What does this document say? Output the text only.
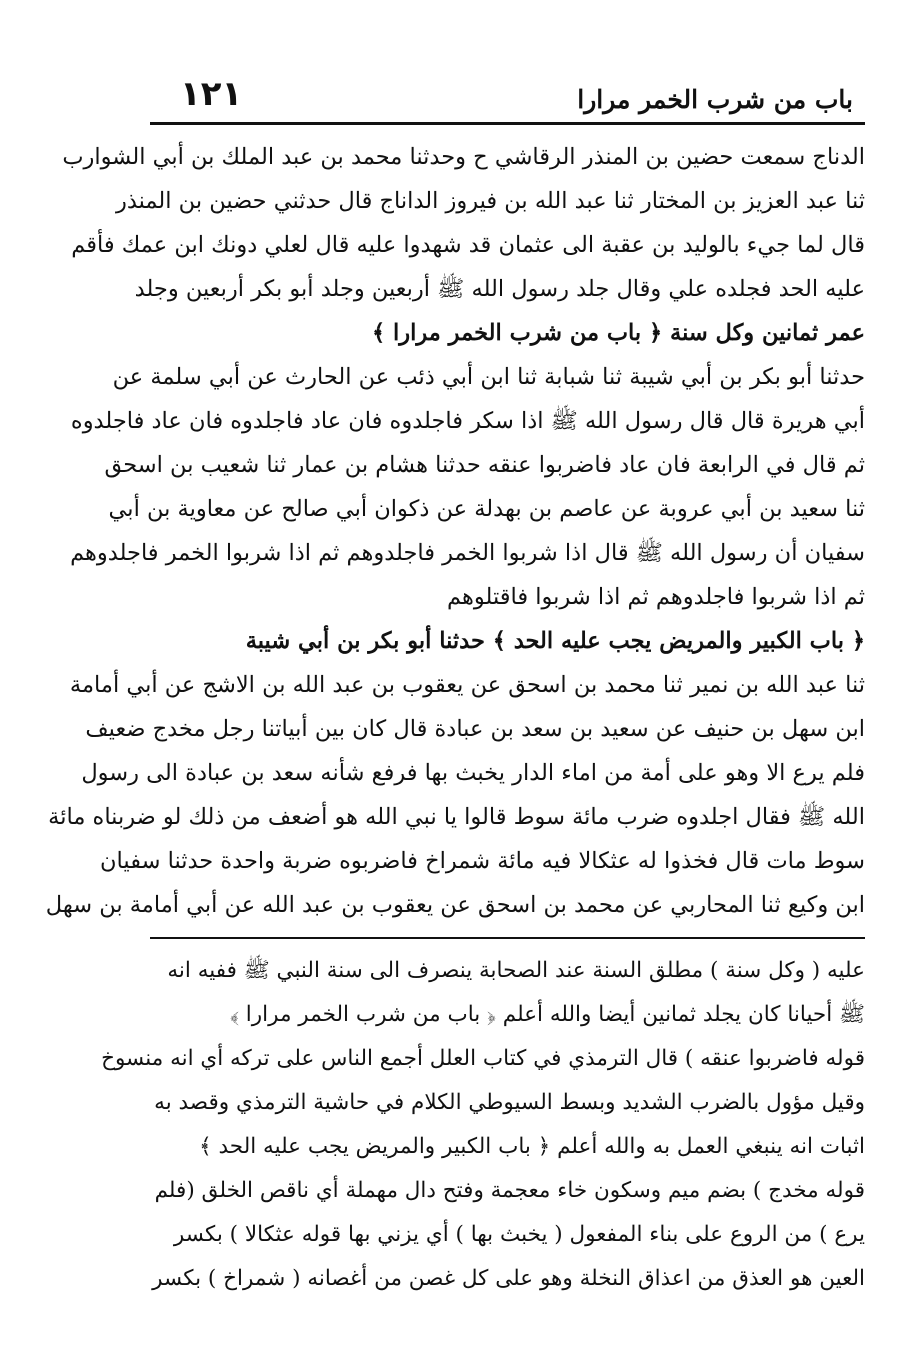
باب من شرب الخمر مرارا
١٢١

الدناج سمعت حضين بن المنذر الرقاشي ح وحدثنا محمد بن عبد الملك بن أبي الشوارب

ثنا عبد العزيز بن المختار ثنا عبد الله بن فيروز الداناج قال حدثني حضين بن المنذر

قال لما جيء بالوليد بن عقبة الى عثمان قد شهدوا عليه قال لعلي دونك ابن عمك فأقم

عليه الحد فجلده علي وقال جلد رسول الله ﷺ أربعين وجلد أبو بكر أربعين وجلد

عمر ثمانين وكل سنة ﴿ باب من شرب الخمر مرارا ﴾

حدثنا أبو بكر بن أبي شيبة ثنا شبابة ثنا ابن أبي ذئب عن الحارث عن أبي سلمة عن

أبي هريرة قال قال رسول الله ﷺ اذا سكر فاجلدوه فان عاد فاجلدوه فان عاد فاجلدوه

ثم قال في الرابعة فان عاد فاضربوا عنقه حدثنا هشام بن عمار ثنا شعيب بن اسحق

ثنا سعيد بن أبي عروبة عن عاصم بن بهدلة عن ذكوان أبي صالح عن معاوية بن أبي

سفيان أن رسول الله ﷺ قال اذا شربوا الخمر فاجلدوهم ثم اذا شربوا الخمر فاجلدوهم

ثم اذا شربوا فاجلدوهم ثم اذا شربوا فاقتلوهم

﴿ باب الكبير والمريض يجب عليه الحد ﴾ حدثنا أبو بكر بن أبي شيبة

ثنا عبد الله بن نمير ثنا محمد بن اسحق عن يعقوب بن عبد الله بن الاشج عن أبي أمامة

ابن سهل بن حنيف عن سعيد بن سعد بن عبادة قال كان بين أبياتنا رجل مخدج ضعيف

فلم يرع الا وهو على أمة من اماء الدار يخبث بها فرفع شأنه سعد بن عبادة الى رسول

الله ﷺ فقال اجلدوه ضرب مائة سوط قالوا يا نبي الله هو أضعف من ذلك لو ضربناه مائة

سوط مات قال فخذوا له عثكالا فيه مائة شمراخ فاضربوه ضربة واحدة حدثنا سفيان

ابن وكيع ثنا المحاربي عن محمد بن اسحق عن يعقوب بن عبد الله عن أبي أمامة بن سهل

عليه ( وكل سنة ) مطلق السنة عند الصحابة ينصرف الى سنة النبي ﷺ ففيه انه

ﷺ أحيانا كان يجلد ثمانين أيضا والله أعلم ﴿ باب من شرب الخمر مرارا ﴾

قوله فاضربوا عنقه ) قال الترمذي في كتاب العلل أجمع الناس على تركه أي انه منسوخ

وقيل مؤول بالضرب الشديد وبسط السيوطي الكلام في حاشية الترمذي وقصد به

اثبات انه ينبغي العمل به والله أعلم ﴿ باب الكبير والمريض يجب عليه الحد ﴾

قوله مخدج ) بضم ميم وسكون خاء معجمة وفتح دال مهملة أي ناقص الخلق (فلم

يرع ) من الروع على بناء المفعول ( يخبث بها ) أي يزني بها قوله عثكالا ) بكسر

العين هو العذق من اعذاق النخلة وهو على كل غصن من أغصانه ( شمراخ ) بكسر
